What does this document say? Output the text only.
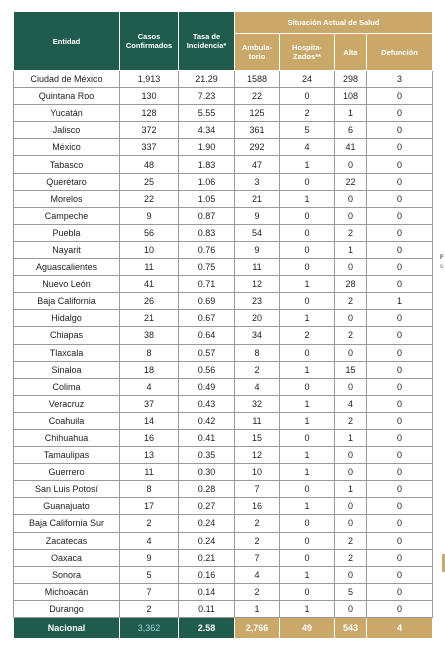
Entidad	Casos Confirmados	Tasa de Incidencia*	Situación Actual de Salud			
			Ambula-torio	Hospita-Zados**	Alta	Defunción
Ciudad de México	1,913	21.29	1588	24	298	3
Quintana Roo	130	7.23	22	0	108	0
Yucatán	128	5.55	125	2	1	0
Jalisco	372	4.34	361	5	6	0
México	337	1.90	292	4	41	0
Tabasco	48	1.83	47	1	0	0
Querétaro	25	1.06	3	0	22	0
Morelos	22	1.05	21	1	0	0
Campeche	9	0.87	9	0	0	0
Puebla	56	0.83	54	0	2	0
Nayarit	10	0.76	9	0	1	0
Aguascalientes	11	0.75	11	0	0	0
Nuevo León	41	0.71	12	1	28	0
Baja California	26	0.69	23	0	2	1
Hidalgo	21	0.67	20	1	0	0
Chiapas	38	0.64	34	2	2	0
Tlaxcala	8	0.57	8	0	0	0
Sinaloa	18	0.56	2	1	15	0
Colima	4	0.49	4	0	0	0
Veracruz	37	0.43	32	1	4	0
Coahuila	14	0.42	11	1	2	0
Chihuahua	16	0.41	15	0	1	0
Tamaulipas	13	0.35	12	1	0	0
Guerrero	11	0.30	10	1	0	0
San Luis Potosí	8	0.28	7	0	1	0
Guanajuato	17	0.27	16	1	0	0
Baja California Sur	2	0.24	2	0	0	0
Zacatecas	4	0.24	2	0	2	0
Oaxaca	9	0.21	7	0	2	0
Sonora	5	0.16	4	1	0	0
Michoacán	7	0.14	2	0	5	0
Durango	2	0.11	1	1	0	0
Nacional	3,362	2.58	2,766	49	543	4
F
s
